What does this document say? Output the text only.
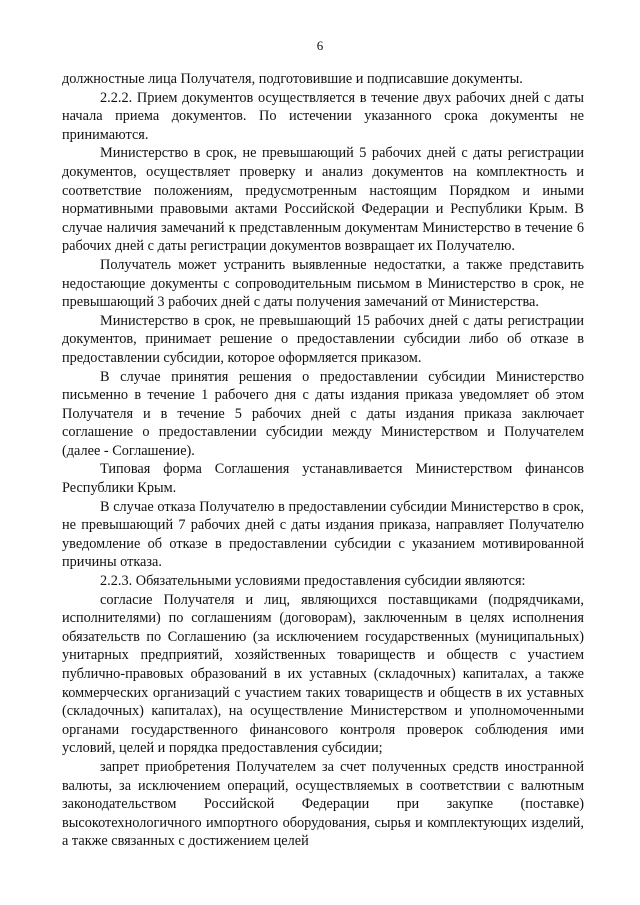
6

должностные лица Получателя, подготовившие и подписавшие документы.

2.2.2. Прием документов осуществляется в течение двух рабочих дней с даты начала приема документов. По истечении указанного срока документы не принимаются.

Министерство в срок, не превышающий 5 рабочих дней с даты регистрации документов, осуществляет проверку и анализ документов на комплектность и соответствие положениям, предусмотренным настоящим Порядком и иными нормативными правовыми актами Российской Федерации и Республики Крым. В случае наличия замечаний к представленным документам Министерство в течение 6 рабочих дней с даты регистрации документов возвращает их Получателю.

Получатель может устранить выявленные недостатки, а также представить недостающие документы с сопроводительным письмом в Министерство в срок, не превышающий 3 рабочих дней с даты получения замечаний от Министерства.

Министерство в срок, не превышающий 15 рабочих дней с даты регистрации документов, принимает решение о предоставлении субсидии либо об отказе в предоставлении субсидии, которое оформляется приказом.

В случае принятия решения о предоставлении субсидии Министерство письменно в течение 1 рабочего дня с даты издания приказа уведомляет об этом Получателя и в течение 5 рабочих дней с даты издания приказа заключает соглашение о предоставлении субсидии между Министерством и Получателем (далее - Соглашение).

Типовая форма Соглашения устанавливается Министерством финансов Республики Крым.

В случае отказа Получателю в предоставлении субсидии Министерство в срок, не превышающий 7 рабочих дней с даты издания приказа, направляет Получателю уведомление об отказе в предоставлении субсидии с указанием мотивированной причины отказа.

2.2.3. Обязательными условиями предоставления субсидии являются:

согласие Получателя и лиц, являющихся поставщиками (подрядчиками, исполнителями) по соглашениям (договорам), заключенным в целях исполнения обязательств по Соглашению (за исключением государственных (муниципальных) унитарных предприятий, хозяйственных товариществ и обществ с участием публично-правовых образований в их уставных (складочных) капиталах, а также коммерческих организаций с участием таких товариществ и обществ в их уставных (складочных) капиталах), на осуществление Министерством и уполномоченными органами государственного финансового контроля проверок соблюдения ими условий, целей и порядка предоставления субсидии;

запрет приобретения Получателем за счет полученных средств иностранной валюты, за исключением операций, осуществляемых в соответствии с валютным законодательством Российской Федерации при закупке (поставке) высокотехнологичного импортного оборудования, сырья и комплектующих изделий, а также связанных с достижением целей
